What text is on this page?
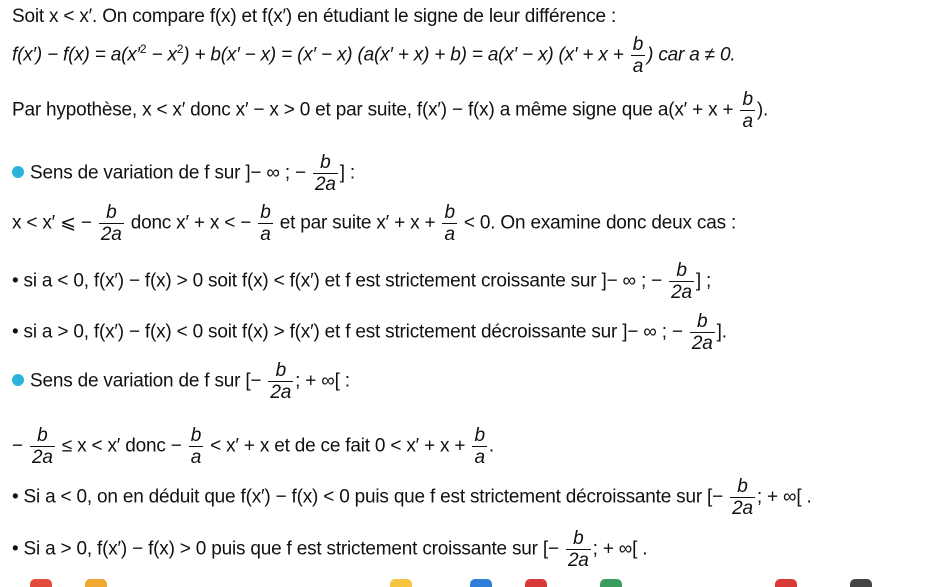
Soit x < x′. On compare f(x) et f(x′) en étudiant le signe de leur différence :
$f(x') - f(x) = a(x'^2 - x^2) + b(x' - x) = (x' - x) (a(x' + x) + b) = a(x' - x) (x' + x + \frac{b}{a}$ ) car a ≠ 0.
Par hypothèse, x < x′ donc x′ − x > 0 et par suite, f(x′) − f(x) a même signe que $a(x' + x + \frac{b}{a}$ ).
Sens de variation de f sur ]− ∞ ; − $\frac{b}{2a}$ ] :
x < x′ ⩽ − $\frac{b}{2a}$ donc x′ + x < − $\frac{b}{a}$ et par suite $x' + x + \frac{b}{a} < 0$. On examine donc deux cas :
• si a < 0, f(x′) − f(x) > 0 soit f(x) < f(x′) et f est strictement croissante sur ]− ∞ ; − $\frac{b}{2a}$ ] ;
• si a > 0, f(x′) − f(x) < 0 soit f(x) > f(x′) et f est strictement décroissante sur ]− ∞ ; − $\frac{b}{2a}$ ].
Sens de variation de f sur [− $\frac{b}{2a}$ ; + ∞[ :
− $\frac{b}{2a} \le x < x'$ donc − $\frac{b}{a} < x' + x$ et de ce fait $0 < x' + x + \frac{b}{a}$ .
• Si a < 0, on en déduit que f(x′) − f(x) < 0 puis que f est strictement décroissante sur [− $\frac{b}{2a}$ ; + ∞[ .
• Si a > 0, f(x′) − f(x) > 0 puis que f est strictement croissante sur [− $\frac{b}{2a}$ ; + ∞[ .
